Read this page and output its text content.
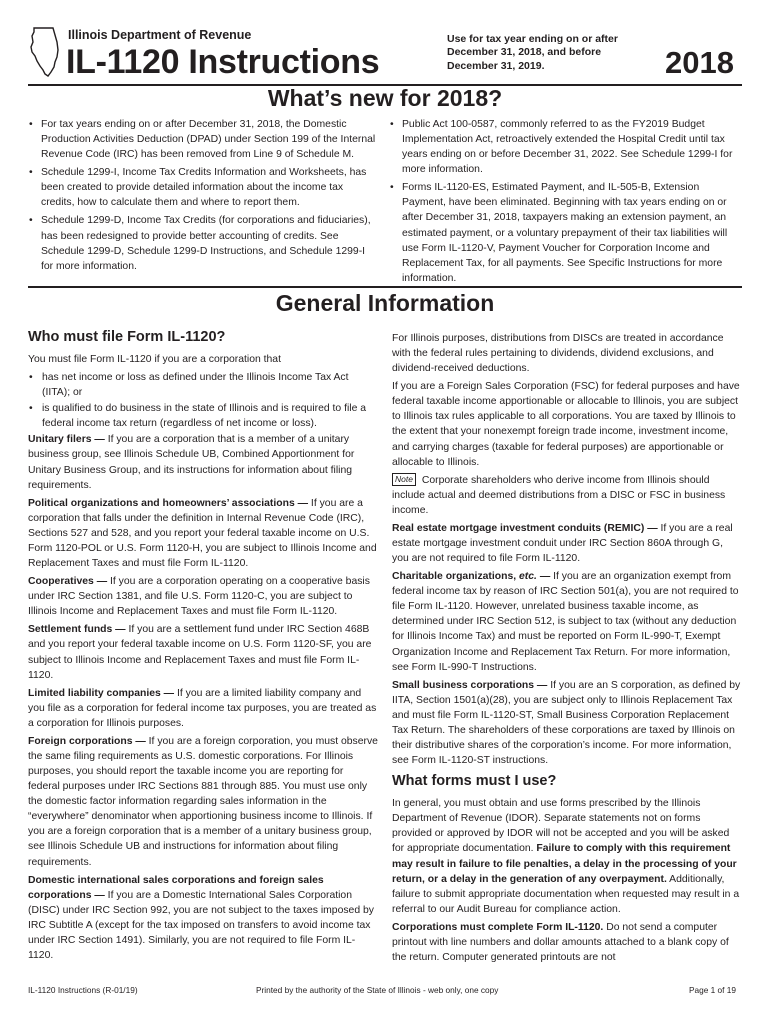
Illinois Department of Revenue
IL-1120 Instructions
Use for tax year ending on or after December 31, 2018, and before December 31, 2019.	2018
What’s new for 2018?
• For tax years ending on or after December 31, 2018, the Domestic Production Activities Deduction (DPAD) under Section 199 of the Internal Revenue Code (IRC) has been removed from Line 9 of Schedule M.
• Schedule 1299-I, Income Tax Credits Information and Worksheets, has been created to provide detailed information about the income tax credits, how to calculate them and where to report them.
• Schedule 1299-D, Income Tax Credits (for corporations and fiduciaries), has been redesigned to provide better accounting of credits. See Schedule 1299-D, Schedule 1299-D Instructions, and Schedule 1299-I for more information.
• Public Act 100-0587, commonly referred to as the FY2019 Budget Implementation Act, retroactively extended the Hospital Credit until tax years ending on or before December 31, 2022. See Schedule 1299-I for more information.
• Forms IL-1120-ES, Estimated Payment, and IL-505-B, Extension Payment, have been eliminated. Beginning with tax years ending on or after December 31, 2018, taxpayers making an extension payment, an estimated payment, or a voluntary prepayment of their tax liabilities will use Form IL-1120-V, Payment Voucher for Corporation Income and Replacement Tax, for all payments. See Specific Instructions for more information.
General Information
Who must file Form IL-1120?

You must file Form IL-1120 if you are a corporation that

• has net income or loss as defined under the Illinois Income Tax Act (IITA); or
• is qualified to do business in the state of Illinois and is required to file a federal income tax return (regardless of net income or loss).

Unitary filers — If you are a corporation that is a member of a unitary business group, see Illinois Schedule UB, Combined Apportionment for Unitary Business Group, and its instructions for information about filing requirements.

Political organizations and homeowners’ associations — If you are a corporation that falls under the definition in Internal Revenue Code (IRC), Sections 527 and 528, and you report your federal taxable income on U.S. Form 1120-POL or U.S. Form 1120-H, you are subject to Illinois Income and Replacement Taxes and must file Form IL-1120.

Cooperatives — If you are a corporation operating on a cooperative basis under IRC Section 1381, and file U.S. Form 1120-C, you are subject to Illinois Income and Replacement Taxes and must file Form IL-1120.

Settlement funds — If you are a settlement fund under IRC Section 468B and you report your federal taxable income on U.S. Form 1120-SF, you are subject to Illinois Income and Replacement Taxes and must file Form IL-1120.

Limited liability companies — If you are a limited liability company and you file as a corporation for federal income tax purposes, you are treated as a corporation for Illinois purposes.

Foreign corporations — If you are a foreign corporation, you must observe the same filing requirements as U.S. domestic corporations. For Illinois purposes, you should report the taxable income you are reporting for federal purposes under IRC Sections 881 through 885. You must use only the domestic factor information regarding sales information in the “everywhere” denominator when apportioning business income to Illinois. If you are a foreign corporation that is a member of a unitary business group, see Illinois Schedule UB and instructions for information about filing requirements.

Domestic international sales corporations and foreign sales corporations — If you are a Domestic International Sales Corporation (DISC) under IRC Section 992, you are not subject to the taxes imposed by IRC Subtitle A (except for the tax imposed on transfers to avoid income tax under IRC Section 1491). Similarly, you are not required to file Form IL-1120.

For Illinois purposes, distributions from DISCs are treated in accordance with the federal rules pertaining to dividends, dividend exclusions, and dividend-received deductions.

If you are a Foreign Sales Corporation (FSC) for federal purposes and have federal taxable income apportionable or allocable to Illinois, you are subject to Illinois tax rules applicable to all corporations. You are taxed by Illinois to the extent that your nonexempt foreign trade income, investment income, and carrying charges (taxable for federal purposes) are apportionable or allocable to Illinois.

Note Corporate shareholders who derive income from Illinois should include actual and deemed distributions from a DISC or FSC in business income.

Real estate mortgage investment conduits (REMIC) — If you are a real estate mortgage investment conduit under IRC Section 860A through G, you are not required to file Form IL-1120.

Charitable organizations, etc. — If you are an organization exempt from federal income tax by reason of IRC Section 501(a), you are not required to file Form IL-1120. However, unrelated business taxable income, as determined under IRC Section 512, is subject to tax (without any deduction for Illinois Income Tax) and must be reported on Form IL-990-T, Exempt Organization Income and Replacement Tax Return. For more information, see Form IL-990-T Instructions.

Small business corporations — If you are an S corporation, as defined by IITA, Section 1501(a)(28), you are subject only to Illinois Replacement Tax and must file Form IL-1120-ST, Small Business Corporation Replacement Tax Return. The shareholders of these corporations are taxed by Illinois on their distributive shares of the corporation’s income. For more information, see Form IL-1120-ST instructions.

What forms must I use?

In general, you must obtain and use forms prescribed by the Illinois Department of Revenue (IDOR). Separate statements not on forms provided or approved by IDOR will not be accepted and you will be asked for appropriate documentation. Failure to comply with this requirement may result in failure to file penalties, a delay in the processing of your return, or a delay in the generation of any overpayment. Additionally, failure to submit appropriate documentation when requested may result in a referral to our Audit Bureau for compliance action.

Corporations must complete Form IL-1120. Do not send a computer printout with line numbers and dollar amounts attached to a blank copy of the return. Computer generated printouts are not

IL-1120 Instructions (R-01/19)	Printed by the authority of the State of Illinois - web only, one copy	Page 1 of 19
